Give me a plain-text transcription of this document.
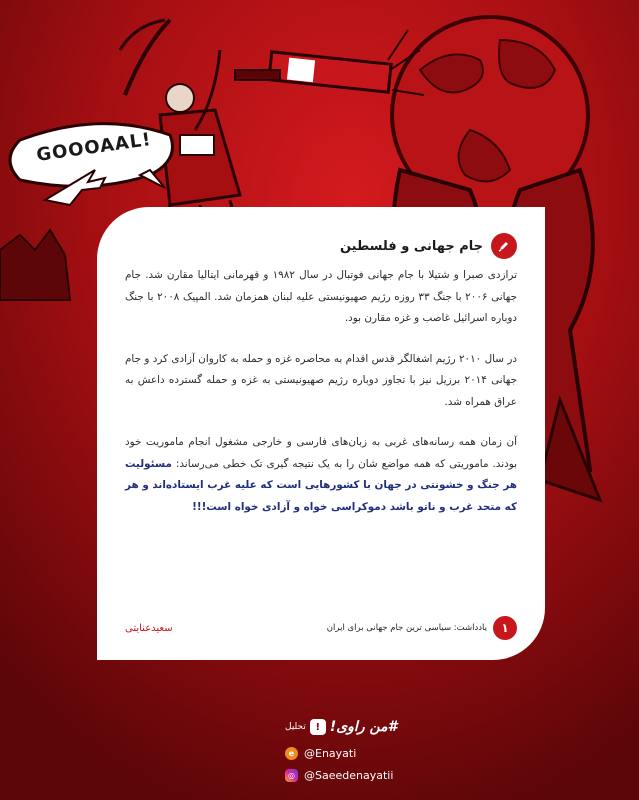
GOOOAAL!
جام جهانی و فلسطین

ترازدی صبرا و شتیلا با جام جهانی فوتبال در سال ۱۹۸۲ و قهرمانی ایتالیا مقارن شد. جام جهانی ۲۰۰۶ با جنگ ۳۳ روزه رژیم صهیونیستی علیه لبنان همزمان شد. المپیک ۲۰۰۸ با جنگ دوباره اسرائیل غاصب و غزه مقارن بود.

در سال ۲۰۱۰ رژیم اشغالگر قدس اقدام به محاصره غزه و حمله به کاروان آزادی کرد و جام جهانی ۲۰۱۴ برزیل نیز با تجاوز دوباره رژیم صهیونیستی به غزه و حمله گسترده داعش به عراق همراه شد.

آن زمان همه رسانه‌های غربی به زبان‌های فارسی و خارجی مشغول انجام ماموریت خود بودند. ماموریتی که همه مواضع شان را به یک نتیجه گیری تک خطی می‌رساند: مسئولیت هر جنگ و خشونتی در جهان با کشورهایی است که علیه غرب ایستاده‌اند و هر که متحد غرب و ناتو باشد دموکراسی خواه و آزادی خواه است!!!

۱
یادداشت: سیاسی ترین جام جهانی برای ایران
سعیدعنایتی
#من راوی!
!
تحلیل
e @Enayati
◎ @Saeedenayatii
